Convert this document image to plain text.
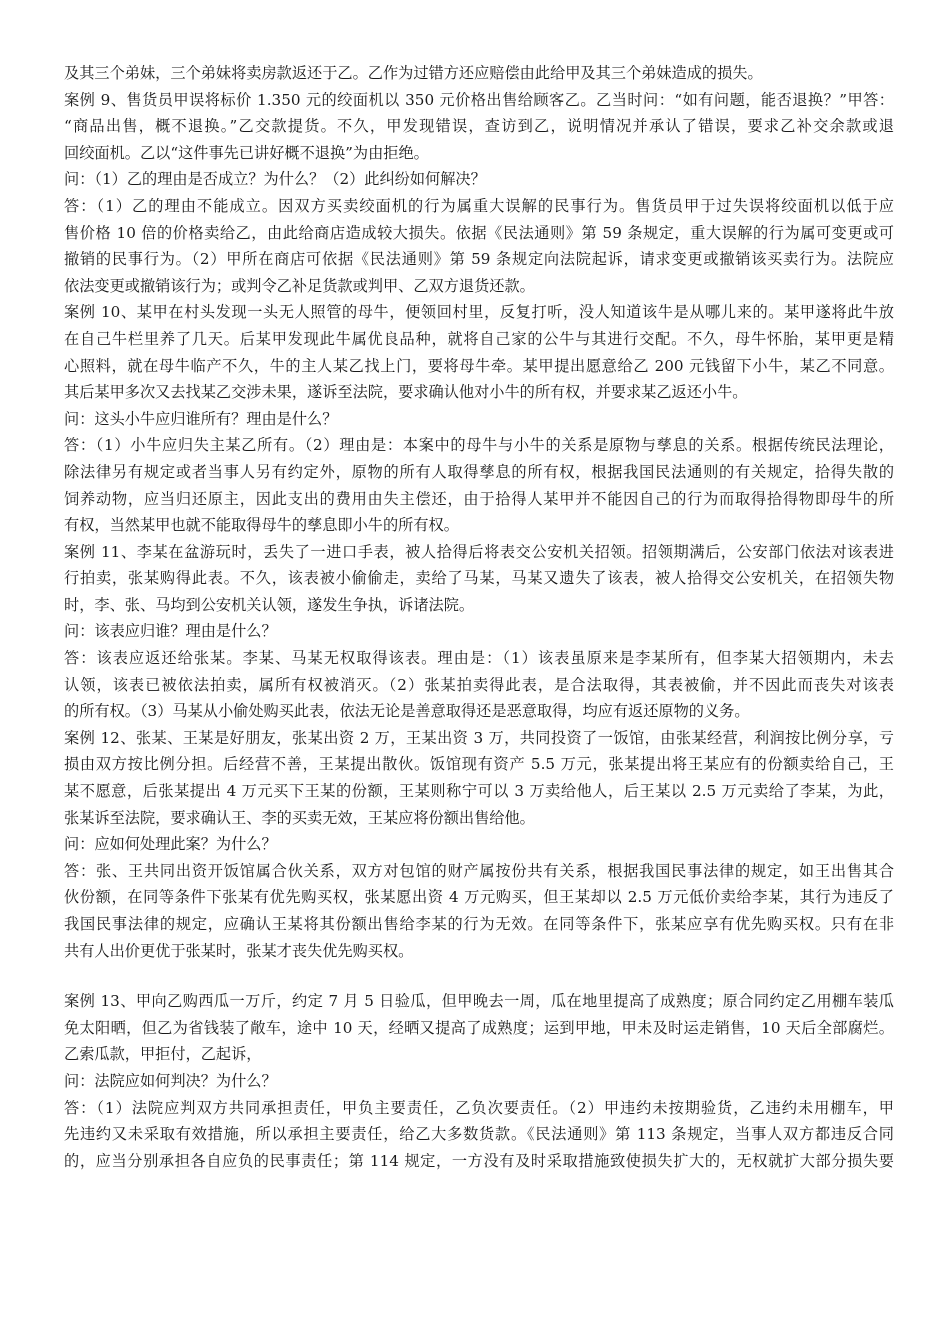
及其三个弟妹，三个弟妹将卖房款返还于乙。乙作为过错方还应赔偿由此给甲及其三个弟妹造成的损失。

案例 9、售货员甲误将标价 1.350 元的绞面机以 350 元价格出售给顾客乙。乙当时问：“如有问题，能否退换？”甲答：

“商品出售，概不退换。”乙交款提货。不久，甲发现错误，查访到乙，说明情况并承认了错误，要求乙补交余款或退

回绞面机。乙以“这件事先已讲好概不退换”为由拒绝。

问：（1）乙的理由是否成立？为什么？（2）此纠纷如何解决？

答：（1）乙的理由不能成立。因双方买卖绞面机的行为属重大误解的民事行为。售货员甲于过失误将绞面机以低于应

售价格 10 倍的价格卖给乙，由此给商店造成较大损失。依据《民法通则》第 59 条规定，重大误解的行为属可变更或可

撤销的民事行为。（2）甲所在商店可依据《民法通则》第 59 条规定向法院起诉，请求变更或撤销该买卖行为。法院应

依法变更或撤销该行为；或判令乙补足货款或判甲、乙双方退货还款。

案例 10、某甲在村头发现一头无人照管的母牛，便领回村里，反复打听，没人知道该牛是从哪儿来的。某甲遂将此牛放

在自己牛栏里养了几天。后某甲发现此牛属优良品种，就将自己家的公牛与其进行交配。不久，母牛怀胎，某甲更是精

心照料，就在母牛临产不久，牛的主人某乙找上门，要将母牛牵。某甲提出愿意给乙 200 元钱留下小牛，某乙不同意。

其后某甲多次又去找某乙交涉未果，遂诉至法院，要求确认他对小牛的所有权，并要求某乙返还小牛。

问：这头小牛应归谁所有？理由是什么？

答：（1）小牛应归失主某乙所有。（2）理由是：本案中的母牛与小牛的关系是原物与孳息的关系。根据传统民法理论，

除法律另有规定或者当事人另有约定外，原物的所有人取得孳息的所有权，根据我国民法通则的有关规定，拾得失散的

饲养动物，应当归还原主，因此支出的费用由失主偿还，由于拾得人某甲并不能因自己的行为而取得拾得物即母牛的所

有权，当然某甲也就不能取得母牛的孳息即小牛的所有权。

案例 11、李某在盆游玩时，丢失了一进口手表，被人拾得后将表交公安机关招领。招领期满后，公安部门依法对该表进

行拍卖，张某购得此表。不久，该表被小偷偷走，卖给了马某，马某又遗失了该表，被人拾得交公安机关，在招领失物

时，李、张、马均到公安机关认领，遂发生争执，诉诸法院。

问：该表应归谁？理由是什么？

答：该表应返还给张某。李某、马某无权取得该表。理由是：（1）该表虽原来是李某所有，但李某大招领期内，未去

认领，该表已被依法拍卖，属所有权被消灭。（2）张某拍卖得此表，是合法取得，其表被偷，并不因此而丧失对该表

的所有权。（3）马某从小偷处购买此表，依法无论是善意取得还是恶意取得，均应有返还原物的义务。

案例 12、张某、王某是好朋友，张某出资 2 万，王某出资 3 万，共同投资了一饭馆，由张某经营，利润按比例分享，亏

损由双方按比例分担。后经营不善，王某提出散伙。饭馆现有资产 5.5 万元，张某提出将王某应有的份额卖给自己，王

某不愿意，后张某提出 4 万元买下王某的份额，王某则称宁可以 3 万卖给他人，后王某以 2.5 万元卖给了李某，为此，

张某诉至法院，要求确认王、李的买卖无效，王某应将份额出售给他。

问：应如何处理此案？为什么？

答：张、王共同出资开饭馆属合伙关系，双方对包馆的财产属按份共有关系，根据我国民事法律的规定，如王出售其合

伙份额，在同等条件下张某有优先购买权，张某愿出资 4 万元购买，但王某却以 2.5 万元低价卖给李某，其行为违反了

我国民事法律的规定，应确认王某将其份额出售给李某的行为无效。在同等条件下，张某应享有优先购买权。只有在非

共有人出价更优于张某时，张某才丧失优先购买权。

案例 13、甲向乙购西瓜一万斤，约定 7 月 5 日验瓜，但甲晚去一周，瓜在地里提高了成熟度；原合同约定乙用棚车装瓜

免太阳晒，但乙为省钱装了敞车，途中 10 天，经晒又提高了成熟度；运到甲地，甲未及时运走销售，10 天后全部腐烂。

乙索瓜款，甲拒付，乙起诉，

问：法院应如何判决？为什么？

答：（1）法院应判双方共同承担责任，甲负主要责任，乙负次要责任。（2）甲违约未按期验货，乙违约未用棚车，甲

先违约又未采取有效措施，所以承担主要责任，给乙大多数货款。《民法通则》第 113 条规定，当事人双方都违反合同

的，应当分别承担各自应负的民事责任；第 114 规定，一方没有及时采取措施致使损失扩大的，无权就扩大部分损失要
